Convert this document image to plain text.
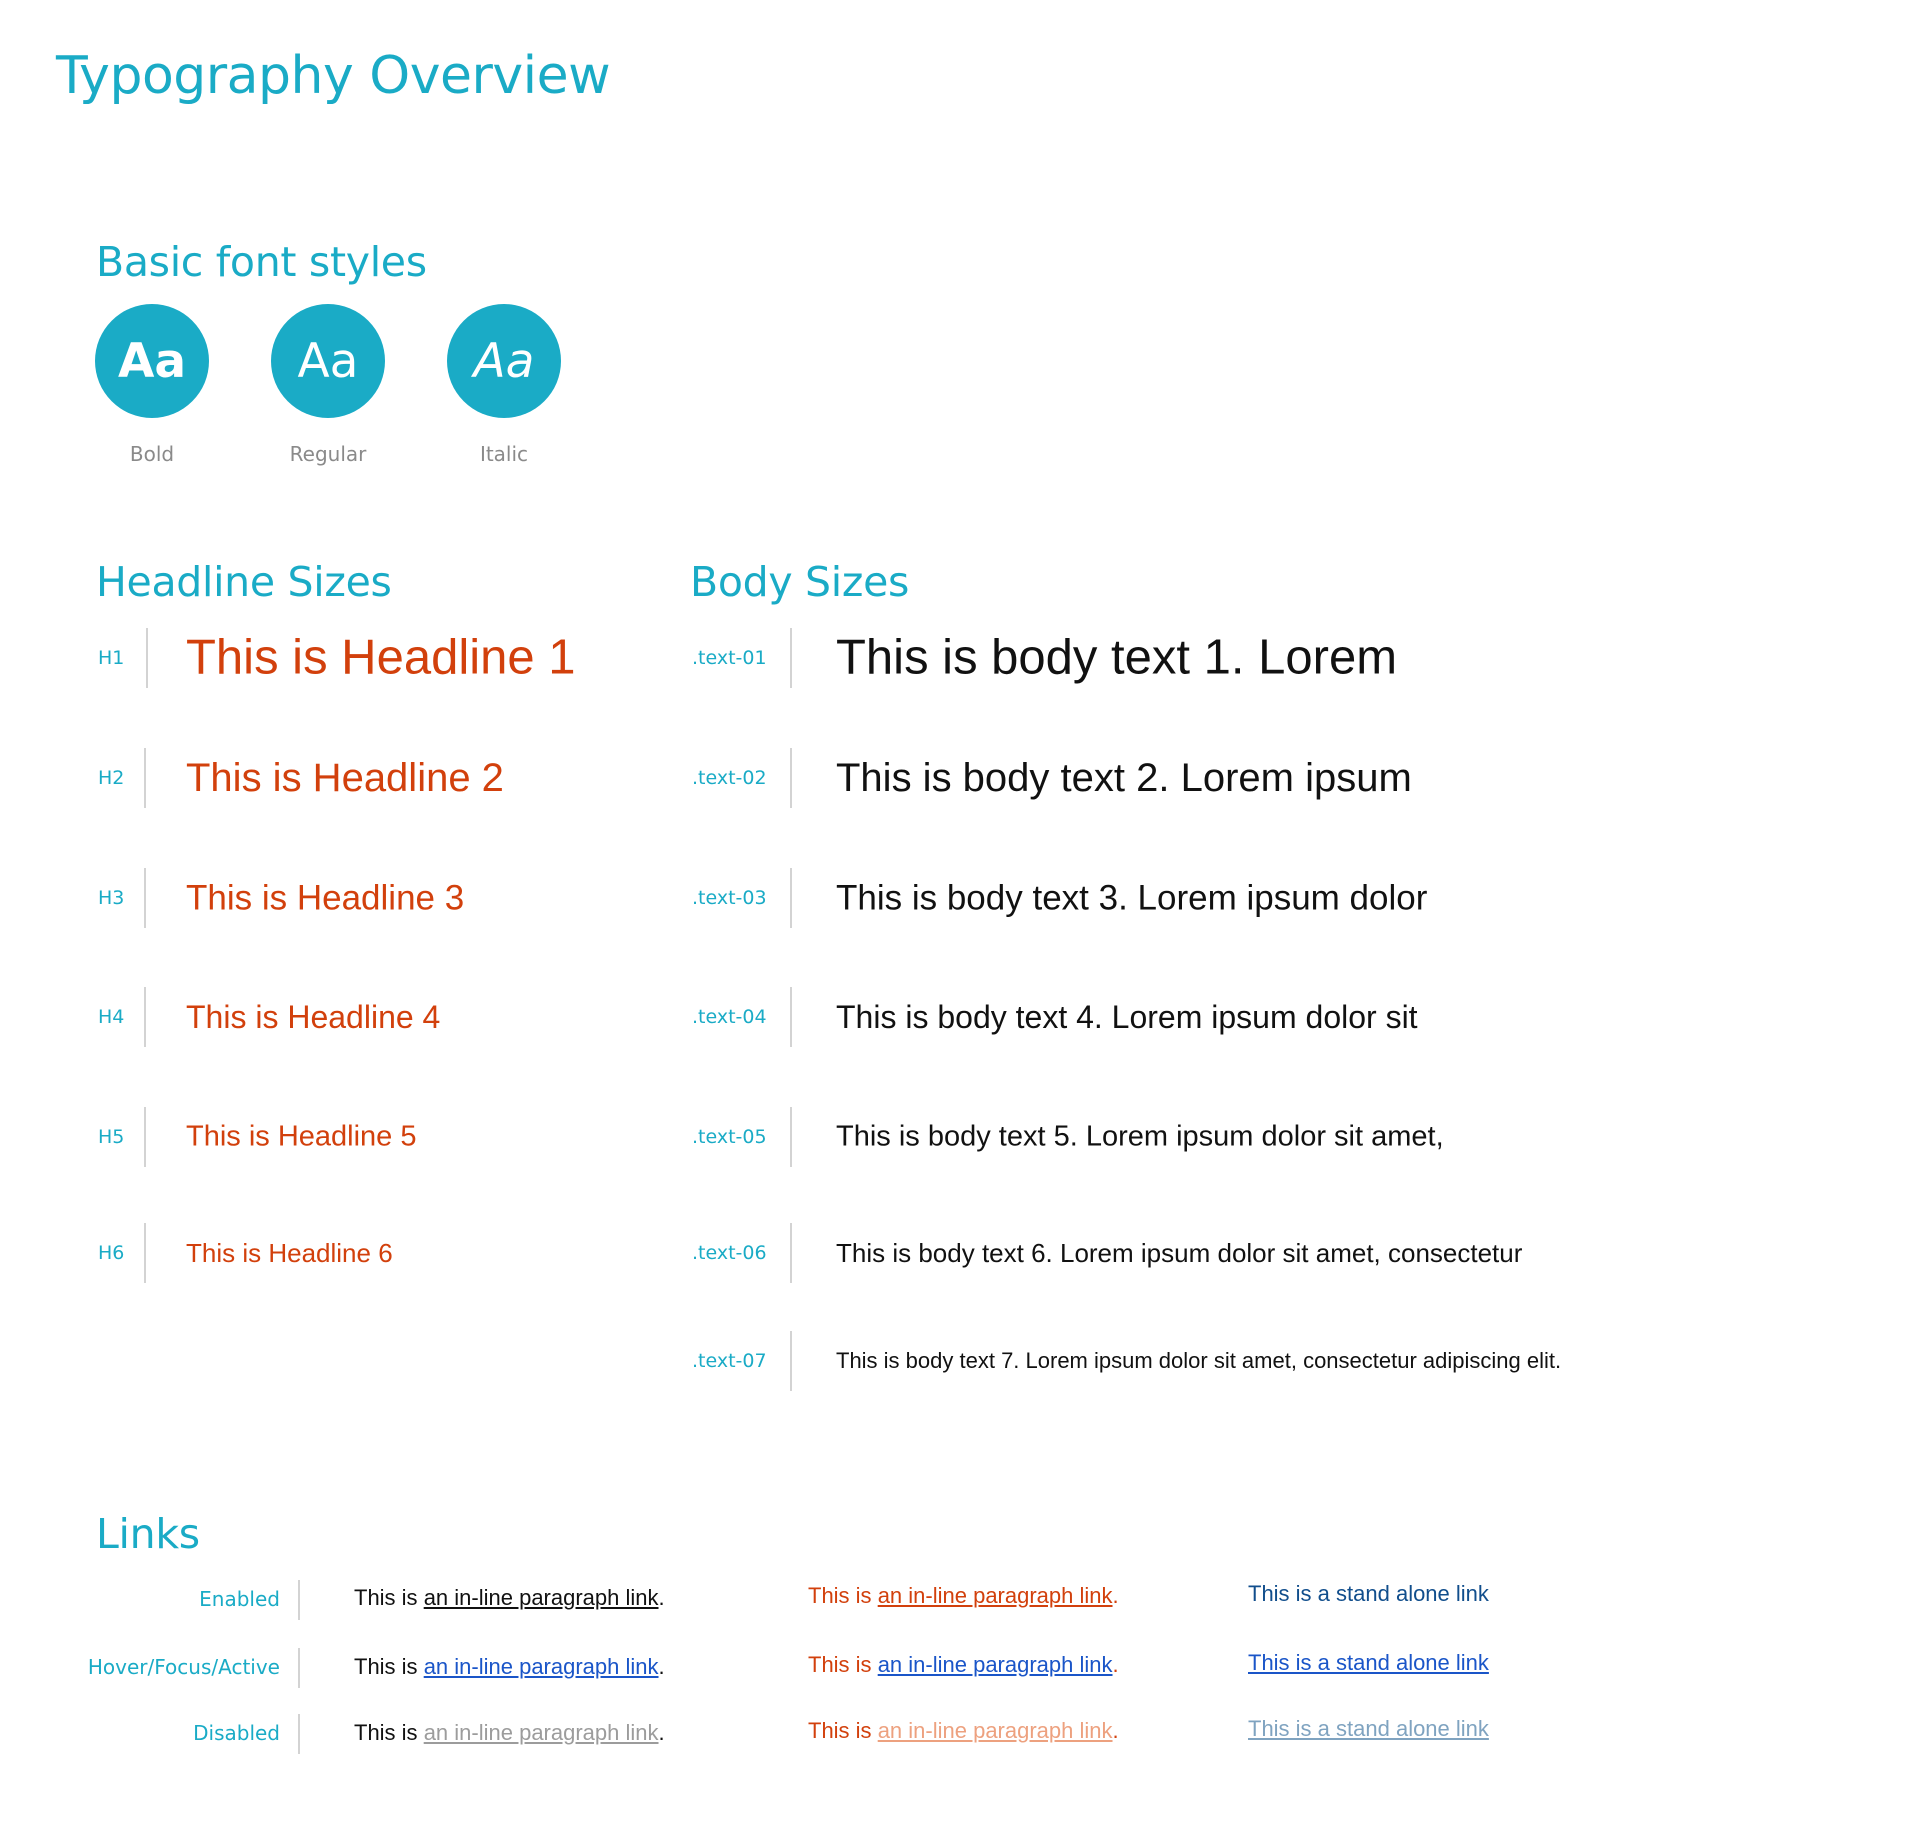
Typography Overview
Basic font styles
Aa
Bold
Aa
Regular
Aa
Italic
Headline Sizes
H1 This is Headline 1
H2 This is Headline 2
H3 This is Headline 3
H4 This is Headline 4
H5 This is Headline 5
H6 This is Headline 6
Body Sizes
.text-01 This is body text 1. Lorem
.text-02 This is body text 2. Lorem ipsum
.text-03 This is body text 3. Lorem ipsum dolor
.text-04 This is body text 4. Lorem ipsum dolor sit
.text-05 This is body text 5. Lorem ipsum dolor sit amet,
.text-06	This is body text 6. Lorem ipsum dolor sit amet, consectetur
.text-07	This is body text 7. Lorem ipsum dolor sit amet, consectetur adipiscing elit.
Links
Enabled
Hover/Focus/Active
Disabled
This is an in-line paragraph link.
This is an in-line paragraph link.
This is an in-line paragraph link.
This is an in-line paragraph link.
This is an in-line paragraph link.
This is an in-line paragraph link.
This is a stand alone link
This is a stand alone link
This is a stand alone link
